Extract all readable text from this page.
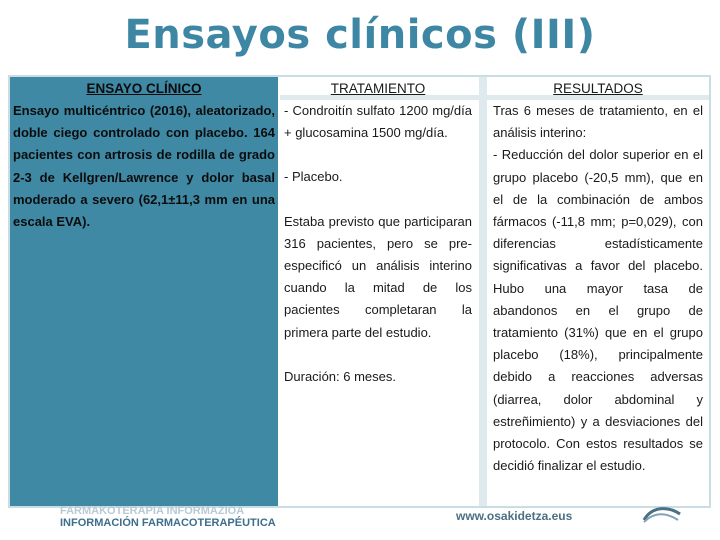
Ensayos clínicos (III)
ENSAYO CLÍNICO

Ensayo multicéntrico (2016), aleatorizado, doble ciego controlado con placebo. 164 pacientes con artrosis de rodilla de grado 2-3 de Kellgren/Lawrence y dolor basal moderado a severo (62,1±11,3 mm en una escala EVA).

TRATAMIENTO

- Condroitín sulfato 1200 mg/día + glucosamina 1500 mg/día.

- Placebo.

Estaba previsto que participaran 316 pacientes, pero se pre-especificó un análisis interino cuando la mitad de los pacientes completaran la primera parte del estudio.

Duración: 6 meses.

RESULTADOS

Tras 6 meses de tratamiento, en el análisis interino:

- Reducción del dolor superior en el grupo placebo (-20,5 mm), que en el de la combinación de ambos fármacos (-11,8 mm; p=0,029), con diferencias estadísticamente significativas a favor del placebo. Hubo una mayor tasa de abandonos en el grupo de tratamiento (31%) que en el grupo placebo (18%), principalmente debido a reacciones adversas (diarrea, dolor abdominal y estreñimiento) y a desviaciones del protocolo. Con estos resultados se decidió finalizar el estudio.

FARMAKOTERAPIA INFORMAZIOA
INFORMACIÓN FARMACOTERAPÉUTICA	www.osakidetza.eus
